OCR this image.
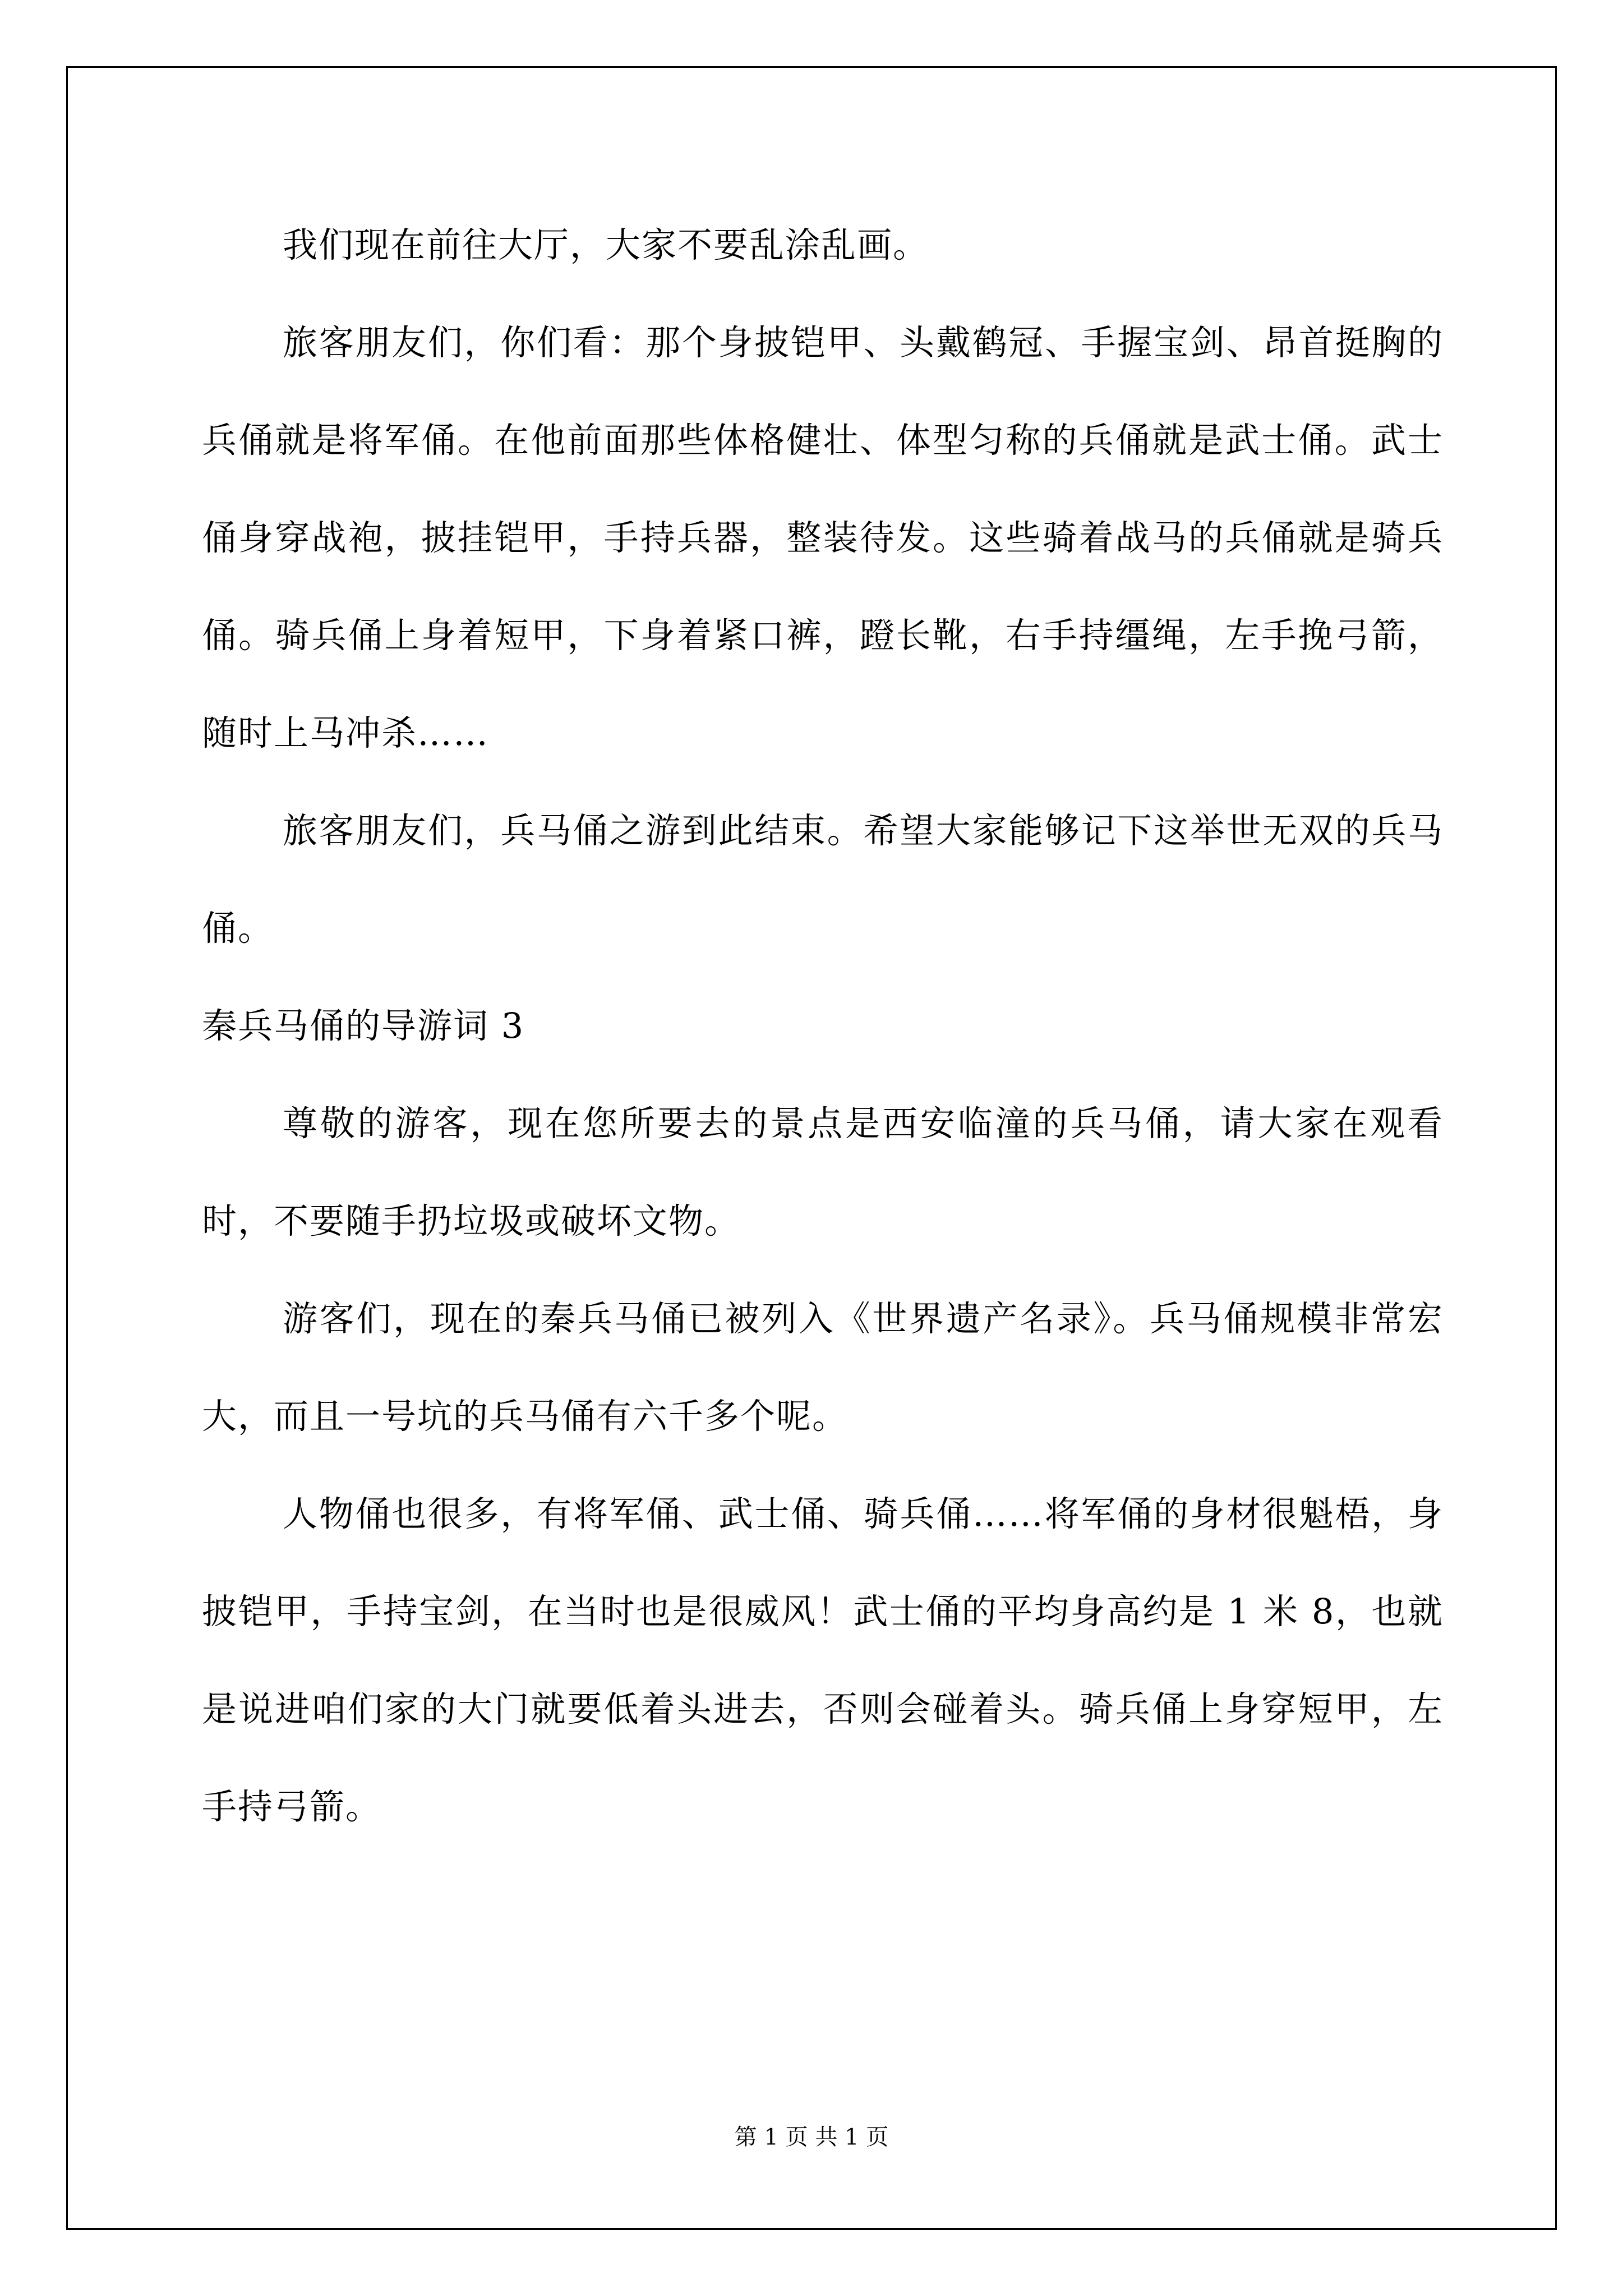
我们现在前往大厅，大家不要乱涂乱画。

旅客朋友们，你们看：那个身披铠甲、头戴鹤冠、手握宝剑、昂首挺胸的兵俑就是将军俑。在他前面那些体格健壮、体型匀称的兵俑就是武士俑。武士俑身穿战袍，披挂铠甲，手持兵器，整装待发。这些骑着战马的兵俑就是骑兵俑。骑兵俑上身着短甲，下身着紧口裤，蹬长靴，右手持缰绳，左手挽弓箭，随时上马冲杀……

旅客朋友们，兵马俑之游到此结束。希望大家能够记下这举世无双的兵马俑。

秦兵马俑的导游词 3

尊敬的游客，现在您所要去的景点是西安临潼的兵马俑，请大家在观看时，不要随手扔垃圾或破坏文物。

游客们，现在的秦兵马俑已被列入《世界遗产名录》。兵马俑规模非常宏大，而且一号坑的兵马俑有六千多个呢。

人物俑也很多，有将军俑、武士俑、骑兵俑……将军俑的身材很魁梧，身披铠甲，手持宝剑，在当时也是很威风！武士俑的平均身高约是 1 米 8，也就是说进咱们家的大门就要低着头进去，否则会碰着头。骑兵俑上身穿短甲，左手持弓箭。

第 1 页 共 1 页
